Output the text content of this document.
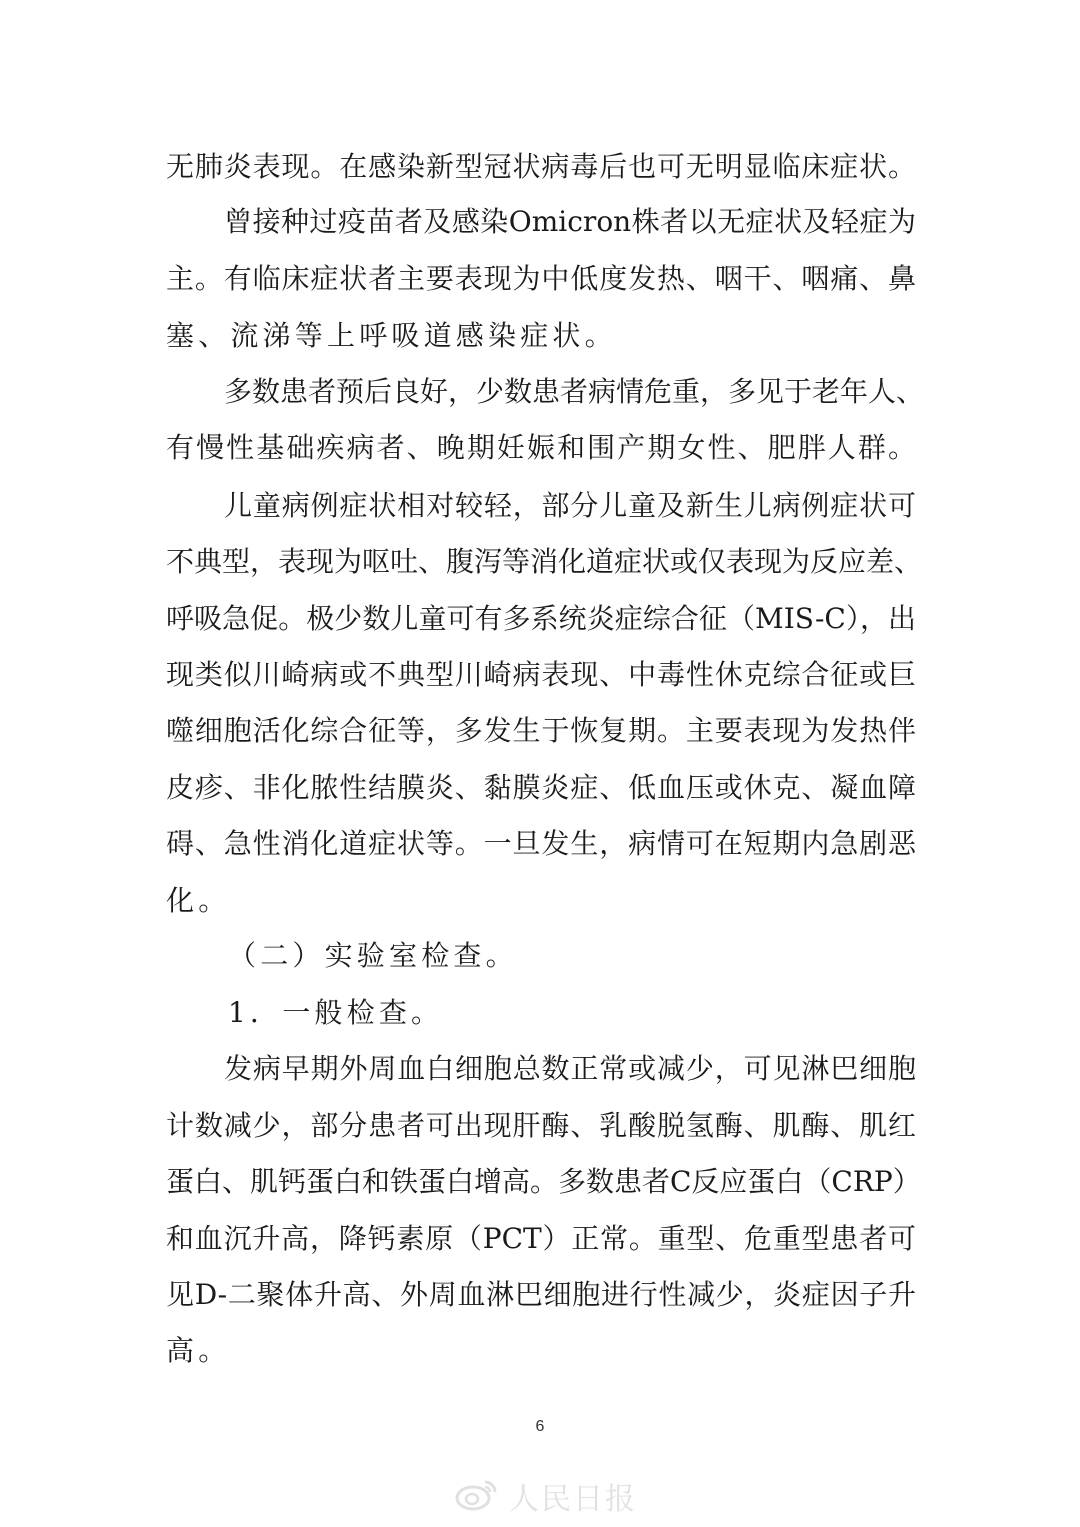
无肺炎表现。在感染新型冠状病毒后也可无明显临床症状。
曾接种过疫苗者及感染Omicron株者以无症状及轻症为
主。有临床症状者主要表现为中低度发热、咽干、咽痛、鼻
塞、流涕等上呼吸道感染症状。
多数患者预后良好，少数患者病情危重，多见于老年人、
有慢性基础疾病者、晚期妊娠和围产期女性、肥胖人群。
儿童病例症状相对较轻，部分儿童及新生儿病例症状可
不典型，表现为呕吐、腹泻等消化道症状或仅表现为反应差、
呼吸急促。极少数儿童可有多系统炎症综合征（MIS-C），出
现类似川崎病或不典型川崎病表现、中毒性休克综合征或巨
噬细胞活化综合征等，多发生于恢复期。主要表现为发热伴
皮疹、非化脓性结膜炎、黏膜炎症、低血压或休克、凝血障
碍、急性消化道症状等。一旦发生，病情可在短期内急剧恶
化。
（二）实验室检查。
1．一般检查。
发病早期外周血白细胞总数正常或减少，可见淋巴细胞
计数减少，部分患者可出现肝酶、乳酸脱氢酶、肌酶、肌红
蛋白、肌钙蛋白和铁蛋白增高。多数患者C反应蛋白（CRP）
和血沉升高，降钙素原（PCT）正常。重型、危重型患者可
见D-二聚体升高、外周血淋巴细胞进行性减少，炎症因子升
高。
6
人民日报
